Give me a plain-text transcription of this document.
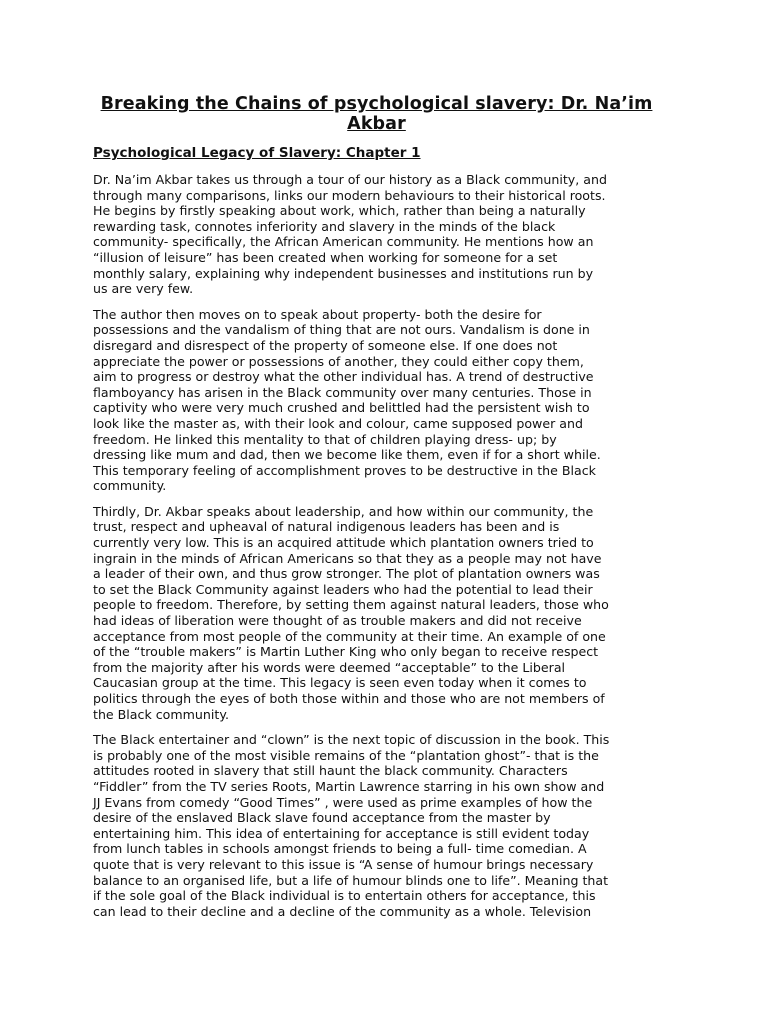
Breaking the Chains of psychological slavery: Dr. Na’im
Akbar
Psychological Legacy of Slavery: Chapter 1

Dr. Na’im Akbar takes us through a tour of our history as a Black community, and
through many comparisons, links our modern behaviours to their historical roots.
He begins by firstly speaking about work, which, rather than being a naturally
rewarding task, connotes inferiority and slavery in the minds of the black
community- specifically, the African American community. He mentions how an
“illusion of leisure” has been created when working for someone for a set
monthly salary, explaining why independent businesses and institutions run by
us are very few.

The author then moves on to speak about property- both the desire for
possessions and the vandalism of thing that are not ours. Vandalism is done in
disregard and disrespect of the property of someone else. If one does not
appreciate the power or possessions of another, they could either copy them,
aim to progress or destroy what the other individual has. A trend of destructive
flamboyancy has arisen in the Black community over many centuries. Those in
captivity who were very much crushed and belittled had the persistent wish to
look like the master as, with their look and colour, came supposed power and
freedom. He linked this mentality to that of children playing dress- up; by
dressing like mum and dad, then we become like them, even if for a short while.
This temporary feeling of accomplishment proves to be destructive in the Black
community.

Thirdly, Dr. Akbar speaks about leadership, and how within our community, the
trust, respect and upheaval of natural indigenous leaders has been and is
currently very low. This is an acquired attitude which plantation owners tried to
ingrain in the minds of African Americans so that they as a people may not have
a leader of their own, and thus grow stronger. The plot of plantation owners was
to set the Black Community against leaders who had the potential to lead their
people to freedom. Therefore, by setting them against natural leaders, those who
had ideas of liberation were thought of as trouble makers and did not receive
acceptance from most people of the community at their time. An example of one
of the “trouble makers” is Martin Luther King who only began to receive respect
from the majority after his words were deemed “acceptable” to the Liberal
Caucasian group at the time. This legacy is seen even today when it comes to
politics through the eyes of both those within and those who are not members of
the Black community.

The Black entertainer and “clown” is the next topic of discussion in the book. This
is probably one of the most visible remains of the “plantation ghost”- that is the
attitudes rooted in slavery that still haunt the black community. Characters
“Fiddler” from the TV series Roots, Martin Lawrence starring in his own show and
JJ Evans from comedy “Good Times” , were used as prime examples of how the
desire of the enslaved Black slave found acceptance from the master by
entertaining him. This idea of entertaining for acceptance is still evident today
from lunch tables in schools amongst friends to being a full- time comedian. A
quote that is very relevant to this issue is “A sense of humour brings necessary
balance to an organised life, but a life of humour blinds one to life”. Meaning that
if the sole goal of the Black individual is to entertain others for acceptance, this
can lead to their decline and a decline of the community as a whole. Television
